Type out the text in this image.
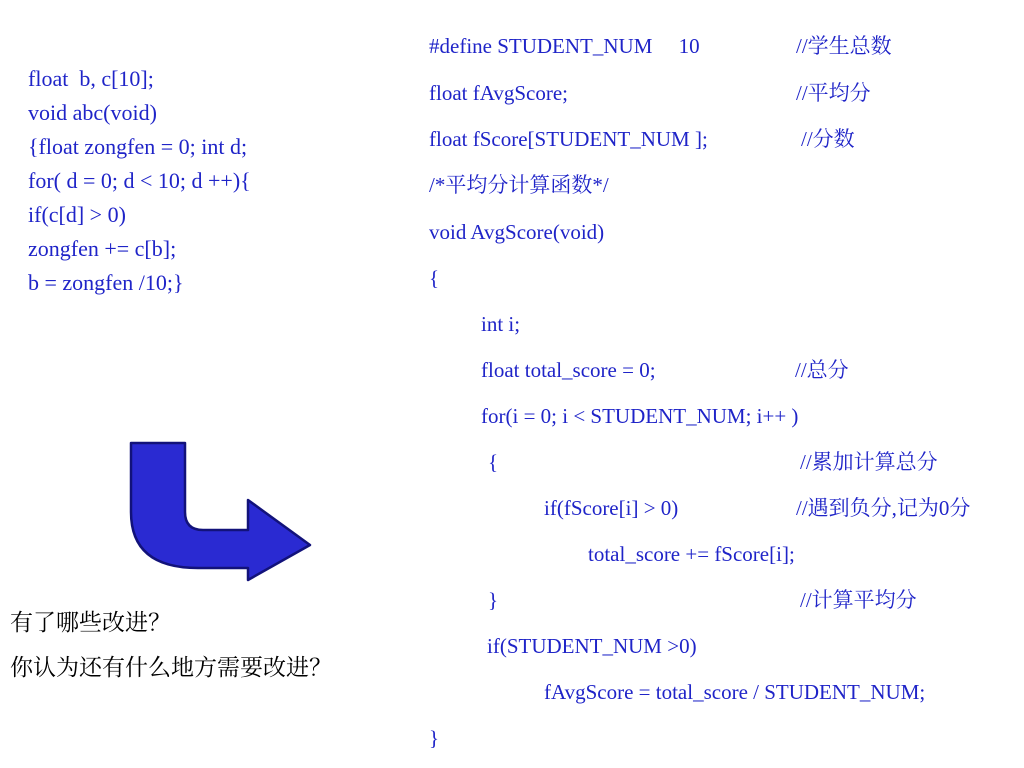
float  b, c[10];
void abc(void)
{float zongfen = 0; int d;
for( d = 0; d < 10; d ++){
if(c[d] > 0)
zongfen += c[b];
b = zongfen /10;}
有了哪些改进？
你认为还有什么地方需要改进？
#define STUDENT_NUM     10	//学生总数
float fAvgScore;	//平均分
float fScore[STUDENT_NUM ];	//分数
/*平均分计算函数*/
void AvgScore(void)
{
int i;
float total_score = 0;	//总分
for(i = 0; i < STUDENT_NUM; i++ )
{	//累加计算总分
if(fScore[i] > 0)	//遇到负分,记为0分
total_score += fScore[i];
}	//计算平均分
if(STUDENT_NUM >0)
fAvgScore = total_score / STUDENT_NUM;
}
